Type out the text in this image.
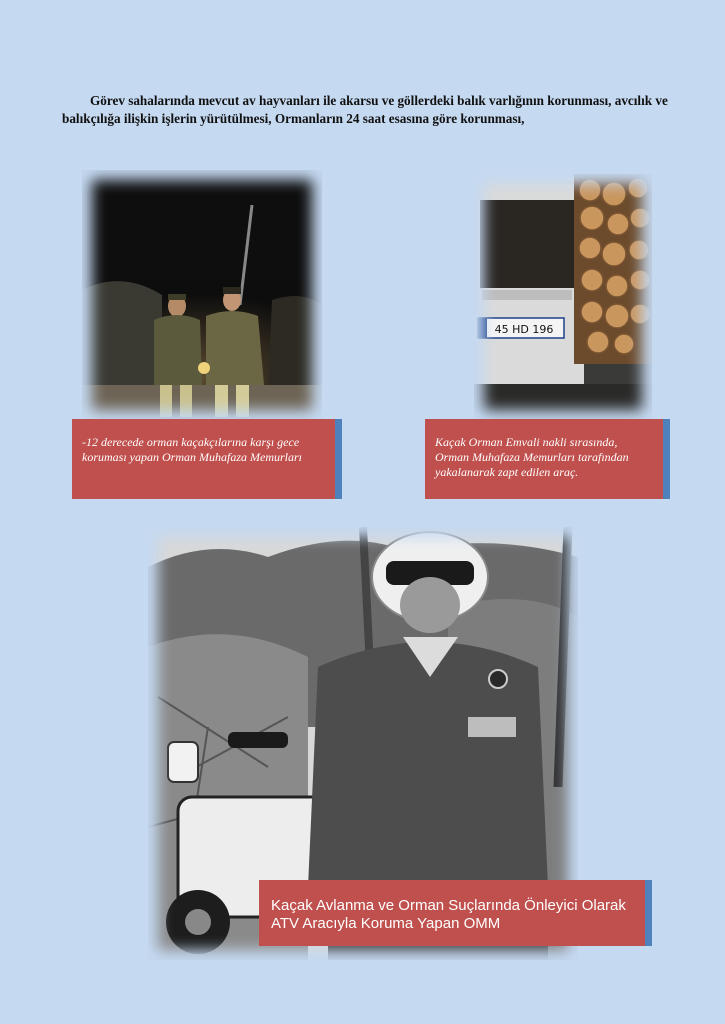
Görev sahalarında mevcut av hayvanları ile akarsu ve göllerdeki balık varlığının korunması, avcılık ve balıkçılığa ilişkin işlerin yürütülmesi, Ormanların 24 saat esasına göre korunması,

-12 derecede orman kaçakçılarına karşı gece koruması yapan Orman Muhafaza Memurları
45 HD 196
Kaçak Orman Emvali nakli sırasında, Orman Muhafaza Memurları tarafından yakalanarak zapt edilen araç.
Kaçak Avlanma ve Orman Suçlarında Önleyici Olarak ATV Aracıyla Koruma Yapan OMM
